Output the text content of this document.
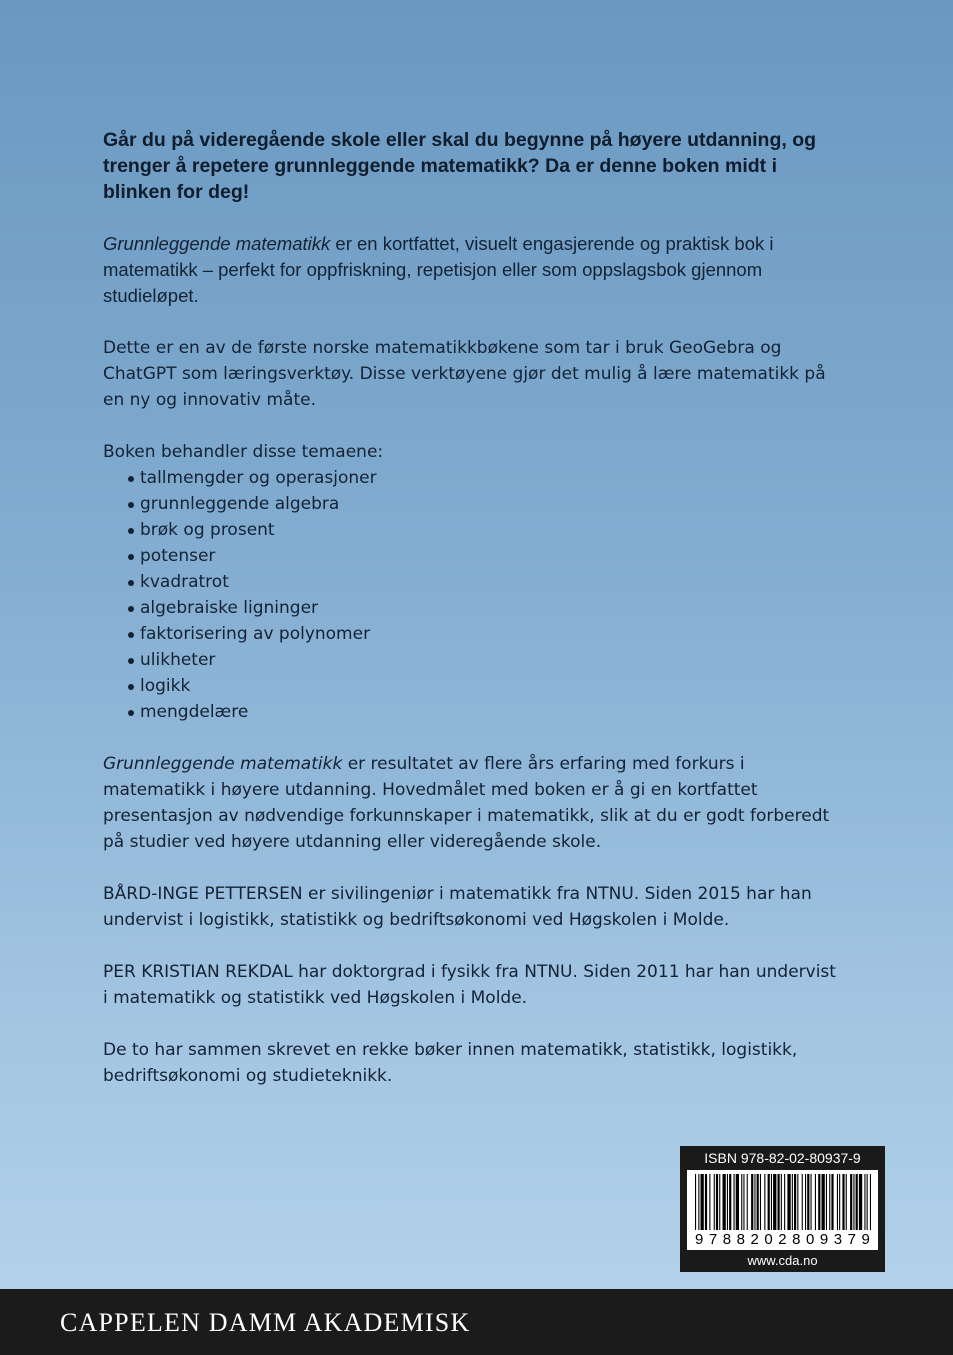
Går du på videregående skole eller skal du begynne på høyere utdanning, og trenger å repetere grunnleggende matematikk? Da er denne boken midt i blinken for deg!

Grunnleggende matematikk er en kortfattet, visuelt engasjerende og praktisk bok i matematikk – perfekt for oppfriskning, repetisjon eller som oppslagsbok gjennom studieløpet.

Dette er en av de første norske matematikkbøkene som tar i bruk GeoGebra og ChatGPT som læringsverktøy. Disse verktøyene gjør det mulig å lære matematikk på en ny og innovativ måte.

Boken behandler disse temaene:

tallmengder og operasjoner
grunnleggende algebra
brøk og prosent
potenser
kvadratrot
algebraiske ligninger
faktorisering av polynomer
ulikheter
logikk
mengdelære

Grunnleggende matematikk er resultatet av flere års erfaring med forkurs i matematikk i høyere utdanning. Hovedmålet med boken er å gi en kortfattet presentasjon av nødvendige forkunnskaper i matematikk, slik at du er godt forberedt på studier ved høyere utdanning eller videregående skole.

BÅRD-INGE PETTERSEN er sivilingeniør i matematikk fra NTNU. Siden 2015 har han undervist i logistikk, statistikk og bedriftsøkonomi ved Høgskolen i Molde.

PER KRISTIAN REKDAL har doktorgrad i fysikk fra NTNU. Siden 2011 har han undervist i matematikk og statistikk ved Høgskolen i Molde.

De to har sammen skrevet en rekke bøker innen matematikk, statistikk, logistikk, bedriftsøkonomi og studieteknikk.

ISBN 978-82-02-80937-9
9 7 8 8 2 0 2 8 0 9 3 7 9
www.cda.no
CAPPELEN DAMM AKADEMISK
